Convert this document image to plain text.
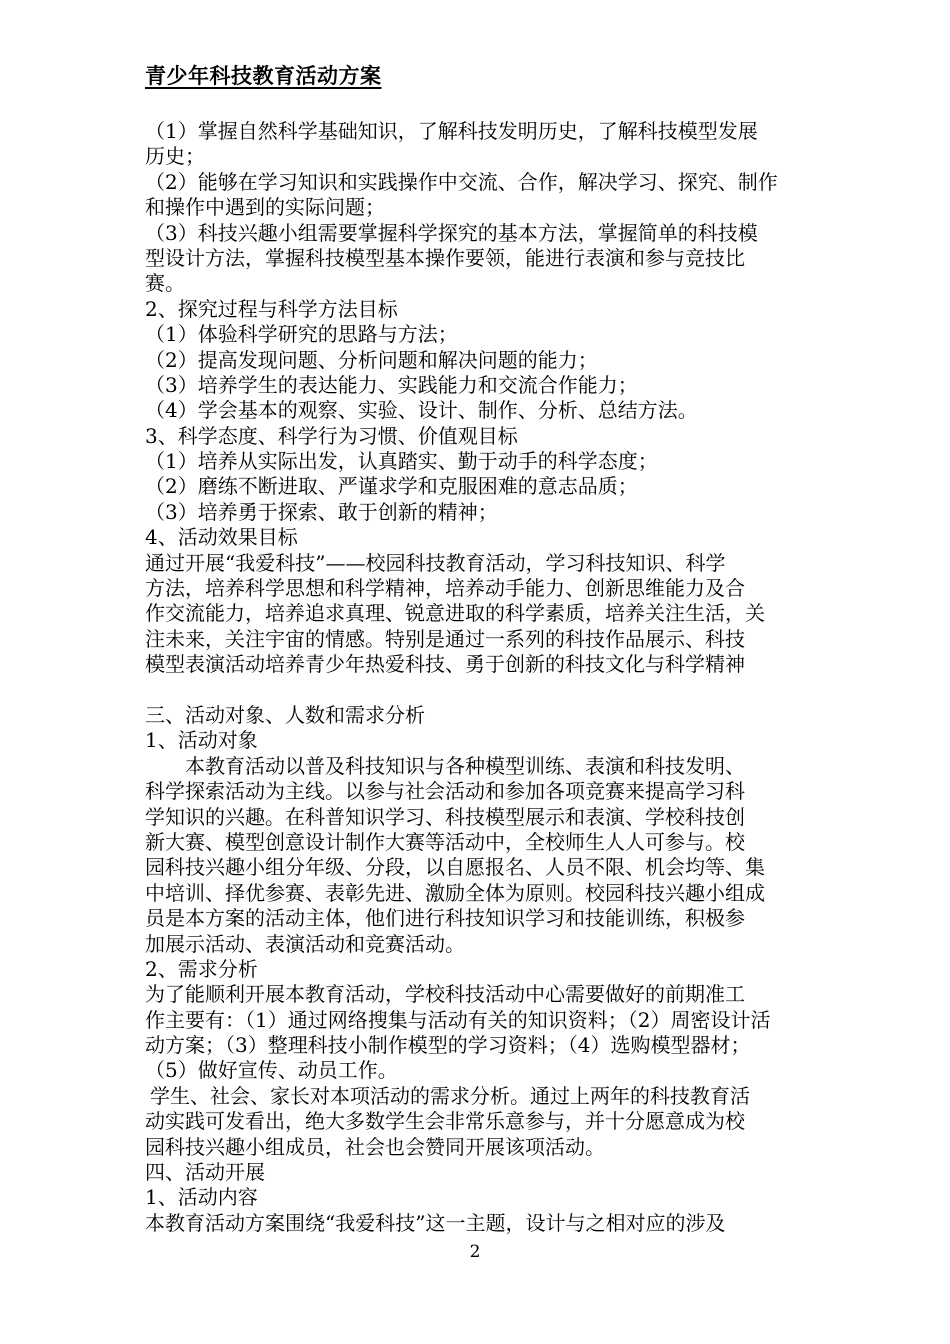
青少年科技教育活动方案
（1）掌握自然科学基础知识，了解科技发明历史，了解科技模型发展
历史；
（2）能够在学习知识和实践操作中交流、合作，解决学习、探究、制作
和操作中遇到的实际问题；
（3）科技兴趣小组需要掌握科学探究的基本方法，掌握简单的科技模
型设计方法，掌握科技模型基本操作要领，能进行表演和参与竞技比
赛。
2、探究过程与科学方法目标
（1）体验科学研究的思路与方法；
（2）提高发现问题、分析问题和解决问题的能力；
（3）培养学生的表达能力、实践能力和交流合作能力；
（4）学会基本的观察、实验、设计、制作、分析、总结方法。
3、科学态度、科学行为习惯、价值观目标
（1）培养从实际出发，认真踏实、勤于动手的科学态度；
（2）磨练不断进取、严谨求学和克服困难的意志品质；
（3）培养勇于探索、敢于创新的精神；
4、活动效果目标
通过开展“我爱科技”——校园科技教育活动，学习科技知识、科学
方法，培养科学思想和科学精神，培养动手能力、创新思维能力及合
作交流能力，培养追求真理、锐意进取的科学素质，培养关注生活，关
注未来，关注宇宙的情感。特别是通过一系列的科技作品展示、科技
模型表演活动培养青少年热爱科技、勇于创新的科技文化与科学精神
三、活动对象、人数和需求分析
1、活动对象
本教育活动以普及科技知识与各种模型训练、表演和科技发明、
科学探索活动为主线。以参与社会活动和参加各项竞赛来提高学习科
学知识的兴趣。在科普知识学习、科技模型展示和表演、学校科技创
新大赛、模型创意设计制作大赛等活动中，全校师生人人可参与。校
园科技兴趣小组分年级、分段，以自愿报名、人员不限、机会均等、集
中培训、择优参赛、表彰先进、激励全体为原则。校园科技兴趣小组成
员是本方案的活动主体，他们进行科技知识学习和技能训练，积极参
加展示活动、表演活动和竞赛活动。
2、需求分析
为了能顺利开展本教育活动，学校科技活动中心需要做好的前期准工
作主要有：（1）通过网络搜集与活动有关的知识资料；（2）周密设计活
动方案；（3）整理科技小制作模型的学习资料；（4）选购模型器材；
（5）做好宣传、动员工作。
学生、社会、家长对本项活动的需求分析。通过上两年的科技教育活
动实践可发看出，绝大多数学生会非常乐意参与，并十分愿意成为校
园科技兴趣小组成员，社会也会赞同开展该项活动。
四、活动开展
1、活动内容
本教育活动方案围绕“我爱科技”这一主题，设计与之相对应的涉及
2
